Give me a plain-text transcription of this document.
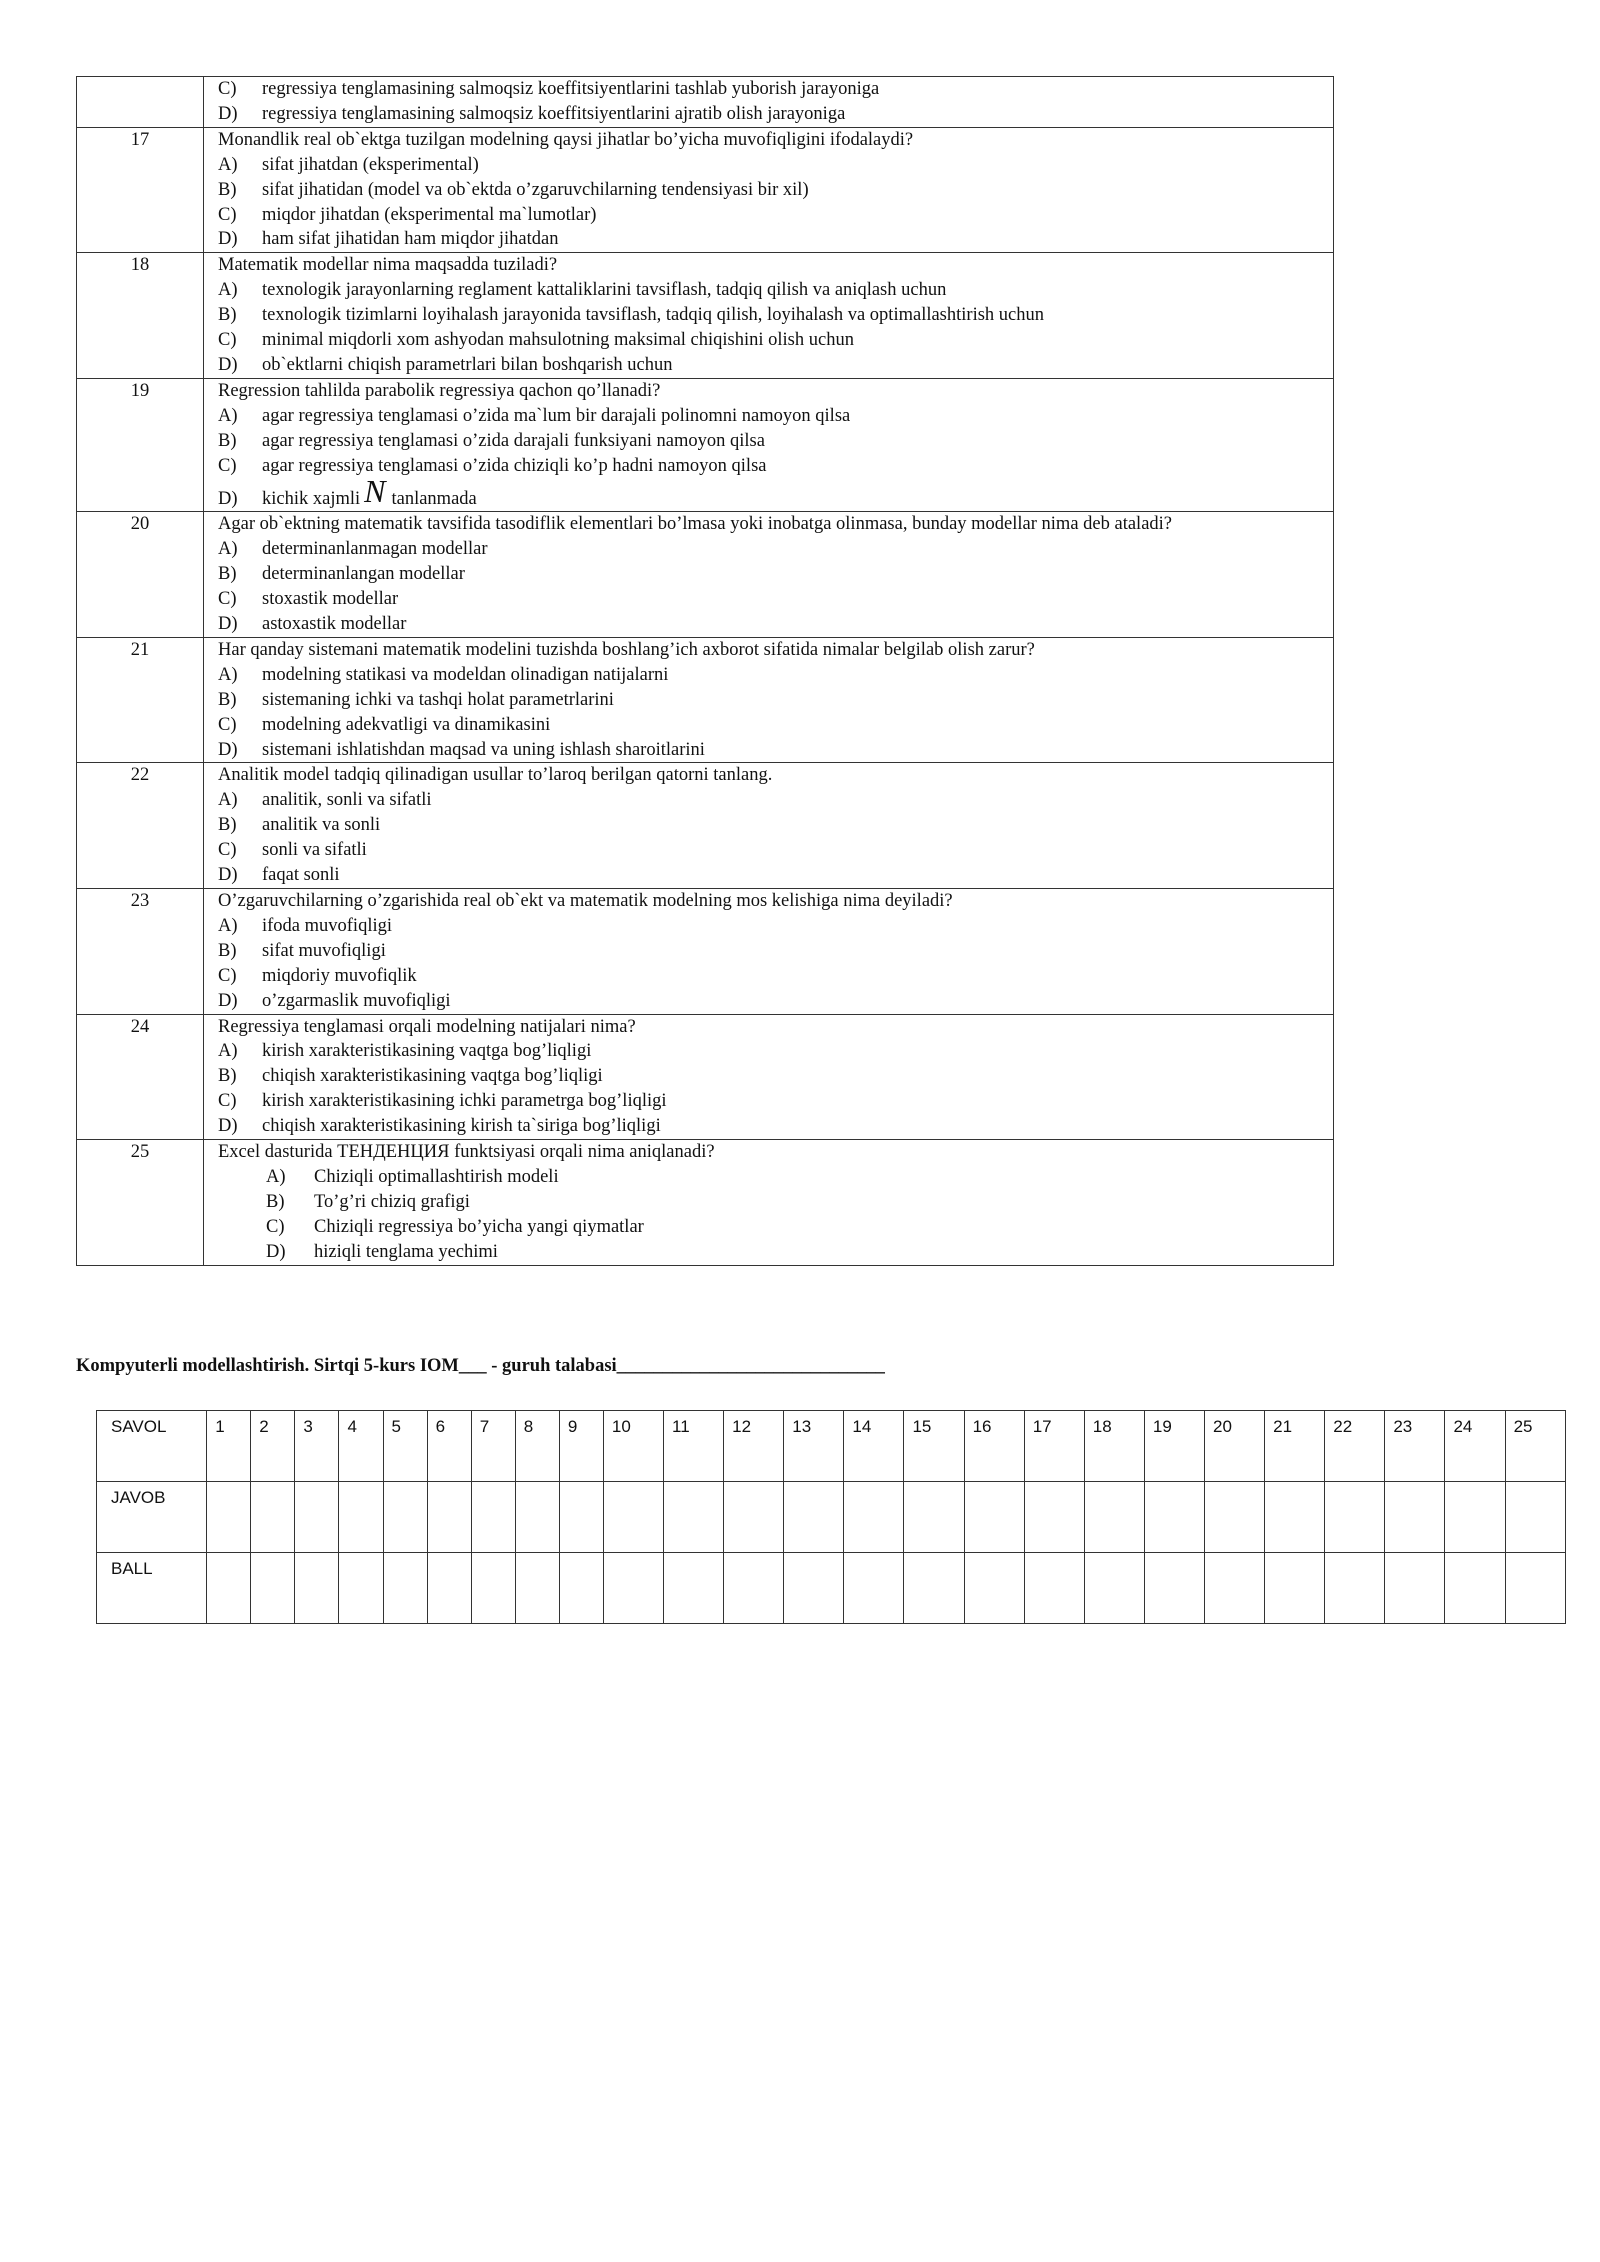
	C) regressiya tenglamasining salmoqsiz koeffitsiyentlarini tashlab yuborish jarayoniga
D) regressiya tenglamasining salmoqsiz koeffitsiyentlarini ajratib olish jarayoniga

17	Monandlik real ob`ektga tuzilgan modelning qaysi jihatlar bo’yicha muvofiqligini ifodalaydi?
A) sifat jihatdan (eksperimental)
B) sifat jihatidan (model va ob`ektda o’zgaruvchilarning tendensiyasi bir xil)
C) miqdor jihatdan (eksperimental ma`lumotlar)
D) ham sifat jihatidan ham miqdor jihatdan

18	Matematik modellar nima maqsadda tuziladi?
A) texnologik jarayonlarning reglament kattaliklarini tavsiflash, tadqiq qilish va aniqlash uchun
B) texnologik tizimlarni loyihalash jarayonida tavsiflash, tadqiq qilish, loyihalash va optimallashtirish uchun
C) minimal miqdorli xom ashyodan mahsulotning maksimal chiqishini olish uchun
D) ob`ektlarni chiqish parametrlari bilan boshqarish uchun

19	Regression tahlilda parabolik regressiya qachon qo’llanadi?
A) agar regressiya tenglamasi o’zida ma`lum bir darajali polinomni namoyon qilsa
B) agar regressiya tenglamasi o’zida darajali funksiyani namoyon qilsa
C) agar regressiya tenglamasi o’zida chiziqli ko’p hadni namoyon qilsa
D) kichik xajmli N tanlanmada

20	Agar ob`ektning matematik tavsifida tasodiflik elementlari bo’lmasa yoki inobatga olinmasa, bunday modellar nima deb ataladi?
A) determinanlanmagan modellar
B) determinanlangan modellar
C) stoxastik modellar
D) astoxastik modellar

21	Har qanday sistemani matematik modelini tuzishda boshlang’ich axborot sifatida nimalar belgilab olish zarur?
A) modelning statikasi va modeldan olinadigan natijalarni
B) sistemaning ichki va tashqi holat parametrlarini
C) modelning adekvatligi va dinamikasini
D) sistemani ishlatishdan maqsad va uning ishlash sharoitlarini

22	Analitik model tadqiq qilinadigan usullar to’laroq berilgan qatorni tanlang.
A) analitik, sonli va sifatli
B) analitik va sonli
C) sonli va sifatli
D) faqat sonli

23	O’zgaruvchilarning o’zgarishida real ob`ekt va matematik modelning mos kelishiga nima deyiladi?
A) ifoda muvofiqligi
B) sifat muvofiqligi
C) miqdoriy muvofiqlik
D) o’zgarmaslik muvofiqligi

24	Regressiya tenglamasi orqali modelning natijalari nima?
A) kirish xarakteristikasining vaqtga bog’liqligi
B) chiqish xarakteristikasining vaqtga bog’liqligi
C) kirish xarakteristikasining ichki parametrga bog’liqligi
D) chiqish xarakteristikasining kirish ta`siriga bog’liqligi

25	Excel dasturida ТЕНДЕНЦИЯ funktsiyasi orqali nima aniqlanadi?
A) Chiziqli optimallashtirish modeli
B) To’g’ri chiziq grafigi
C) Chiziqli regressiya bo’yicha yangi qiymatlar
D) hiziqli tenglama yechimi
Kompyuterli modellashtirish. Sirtqi 5-kurs IOM___ - guruh talabasi_____________________________
SAVOL	1	2	3	4	5	6	7	8	9	10	11	12	13	14	15	16	17	18	19	20	21	22	23	24	25
JAVOB																									
BALL																									
